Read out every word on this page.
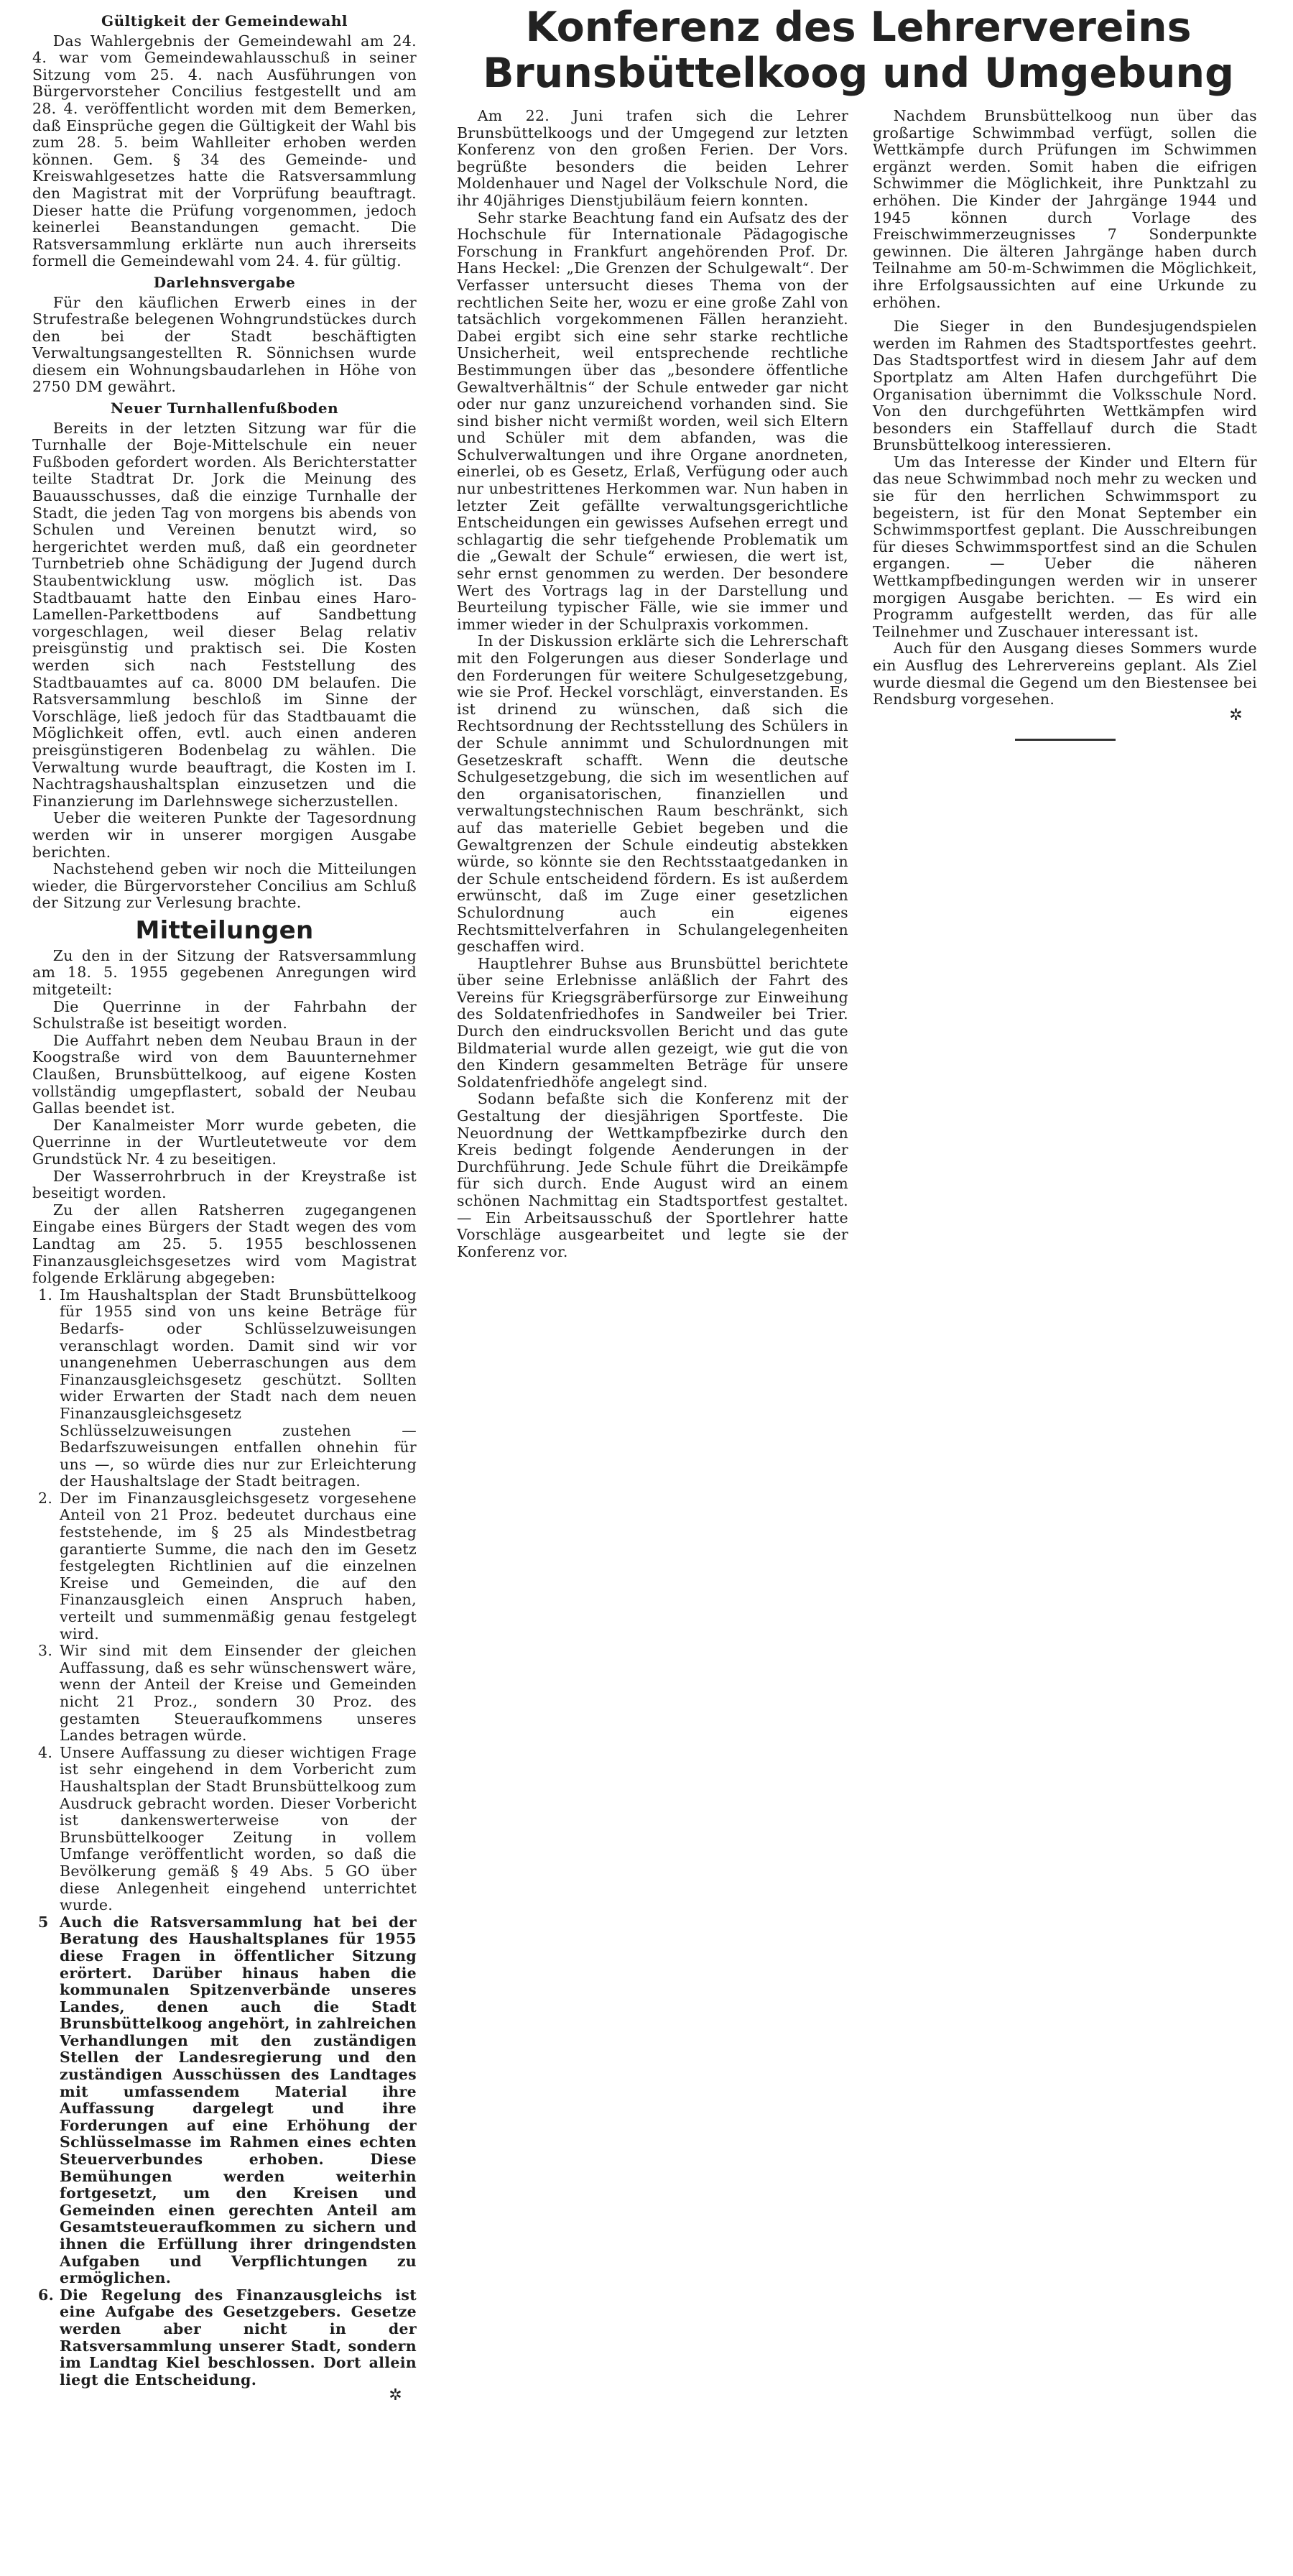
Konferenz des Lehrervereins
Brunsbüttelkoog und Umgebung
Gültigkeit der Gemeindewahl

Das Wahlergebnis der Gemeindewahl am 24. 4. war vom Gemeindewahlausschuß in seiner Sitzung vom 25. 4. nach Ausführungen von Bürgervorsteher Concilius festgestellt und am 28. 4. veröffentlicht worden mit dem Bemerken, daß Einsprüche gegen die Gültigkeit der Wahl bis zum 28. 5. beim Wahlleiter erhoben werden können. Gem. § 34 des Gemeinde- und Kreiswahlgesetzes hatte die Ratsversammlung den Magistrat mit der Vorprüfung beauftragt. Dieser hatte die Prüfung vorgenommen, jedoch keinerlei Beanstandungen gemacht. Die Ratsversammlung erklärte nun auch ihrerseits formell die Gemeindewahl vom 24. 4. für gültig.

Darlehnsvergabe

Für den käuflichen Erwerb eines in der Strufestraße belegenen Wohngrundstückes durch den bei der Stadt beschäftigten Verwaltungsangestellten R. Sönnichsen wurde diesem ein Wohnungsbaudarlehen in Höhe von 2750 DM gewährt.

Neuer Turnhallenfußboden

Bereits in der letzten Sitzung war für die Turnhalle der Boje-Mittelschule ein neuer Fußboden gefordert worden. Als Berichterstatter teilte Stadtrat Dr. Jork die Meinung des Bauausschusses, daß die einzige Turnhalle der Stadt, die jeden Tag von morgens bis abends von Schulen und Vereinen benutzt wird, so hergerichtet werden muß, daß ein geordneter Turnbetrieb ohne Schädigung der Jugend durch Staubentwicklung usw. möglich ist. Das Stadtbauamt hatte den Einbau eines Haro-Lamellen-Parkettbodens auf Sandbettung vorgeschlagen, weil dieser Belag relativ preisgünstig und praktisch sei. Die Kosten werden sich nach Feststellung des Stadtbauamtes auf ca. 8000 DM belaufen. Die Ratsversammlung beschloß im Sinne der Vorschläge, ließ jedoch für das Stadtbauamt die Möglichkeit offen, evtl. auch einen anderen preisgünstigeren Bodenbelag zu wählen. Die Verwaltung wurde beauftragt, die Kosten im I. Nachtragshaushaltsplan einzusetzen und die Finanzierung im Darlehnswege sicherzustellen.

Ueber die weiteren Punkte der Tagesordnung werden wir in unserer morgigen Ausgabe berichten.

Nachstehend geben wir noch die Mitteilungen wieder, die Bürgervorsteher Concilius am Schluß der Sitzung zur Verlesung brachte.

Mitteilungen

Zu den in der Sitzung der Ratsversammlung am 18. 5. 1955 gegebenen Anregungen wird mitgeteilt:

Die Querrinne in der Fahrbahn der Schulstraße ist beseitigt worden.

Die Auffahrt neben dem Neubau Braun in der Koogstraße wird von dem Bauunternehmer Claußen, Brunsbüttelkoog, auf eigene Kosten vollständig umgepflastert, sobald der Neubau Gallas beendet ist.

Der Kanalmeister Morr wurde gebeten, die Querrinne in der Wurtleutetweute vor dem Grundstück Nr. 4 zu beseitigen.

Der Wasserrohrbruch in der Kreystraße ist beseitigt worden.

Zu der allen Ratsherren zugegangenen Eingabe eines Bürgers der Stadt wegen des vom Landtag am 25. 5. 1955 beschlossenen Finanzausgleichsgesetzes wird vom Magistrat folgende Erklärung abgegeben:

1. Im Haushaltsplan der Stadt Brunsbüttelkoog für 1955 sind von uns keine Beträge für Bedarfs- oder Schlüsselzuweisungen veranschlagt worden. Damit sind wir vor unangenehmen Ueberraschungen aus dem Finanzausgleichsgesetz geschützt. Sollten wider Erwarten der Stadt nach dem neuen Finanzausgleichsgesetz Schlüsselzuweisungen zustehen — Bedarfszuweisungen entfallen ohnehin für uns —, so würde dies nur zur Erleichterung der Haushaltslage der Stadt beitragen.
2. Der im Finanzausgleichsgesetz vorgesehene Anteil von 21 Proz. bedeutet durchaus eine feststehende, im § 25 als Mindestbetrag garantierte Summe, die nach den im Gesetz festgelegten Richtlinien auf die einzelnen Kreise und Gemeinden, die auf den Finanzausgleich einen Anspruch haben, verteilt und summenmäßig genau festgelegt wird.
3. Wir sind mit dem Einsender der gleichen Auffassung, daß es sehr wünschenswert wäre, wenn der Anteil der Kreise und Gemeinden nicht 21 Proz., sondern 30 Proz. des gestamten Steueraufkommens unseres Landes betragen würde.
4. Unsere Auffassung zu dieser wichtigen Frage ist sehr eingehend in dem Vorbericht zum Haushaltsplan der Stadt Brunsbüttelkoog zum Ausdruck gebracht worden. Dieser Vorbericht ist dankenswerterweise von der Brunsbüttelkooger Zeitung in vollem Umfange veröffentlicht worden, so daß die Bevölkerung gemäß § 49 Abs. 5 GO über diese Anlegenheit eingehend unterrichtet wurde.
5 Auch die Ratsversammlung hat bei der Beratung des Haushaltsplanes für 1955 diese Fragen in öffentlicher Sitzung erörtert. Darüber hinaus haben die kommunalen Spitzenverbände unseres Landes, denen auch die Stadt Brunsbüttelkoog angehört, in zahlreichen Verhandlungen mit den zuständigen Stellen der Landesregierung und den zuständigen Ausschüssen des Landtages mit umfassendem Material ihre Auffassung dargelegt und ihre Forderungen auf eine Erhöhung der Schlüsselmasse im Rahmen eines echten Steuerverbundes erhoben. Diese Bemühungen werden weiterhin fortgesetzt, um den Kreisen und Gemeinden einen gerechten Anteil am Gesamtsteueraufkommen zu sichern und ihnen die Erfüllung ihrer dringendsten Aufgaben und Verpflichtungen zu ermöglichen.
6. Die Regelung des Finanzausgleichs ist eine Aufgabe des Gesetzgebers. Gesetze werden aber nicht in der Ratsversammlung unserer Stadt, sondern im Landtag Kiel beschlossen. Dort allein liegt die Entscheidung.
✲

Am 22. Juni trafen sich die Lehrer Brunsbüttelkoogs und der Umgegend zur letzten Konferenz von den großen Ferien. Der Vors. begrüßte besonders die beiden Lehrer Moldenhauer und Nagel der Volkschule Nord, die ihr 40jähriges Dienstjubiläum feiern konnten.

Sehr starke Beachtung fand ein Aufsatz des der Hochschule für Internationale Pädagogische Forschung in Frankfurt angehörenden Prof. Dr. Hans Heckel: „Die Grenzen der Schulgewalt“. Der Verfasser untersucht dieses Thema von der rechtlichen Seite her, wozu er eine große Zahl von tatsächlich vorgekommenen Fällen heranzieht. Dabei ergibt sich eine sehr starke rechtliche Unsicherheit, weil entsprechende rechtliche Bestimmungen über das „besondere öffentliche Gewaltverhältnis“ der Schule entweder gar nicht oder nur ganz unzureichend vorhanden sind. Sie sind bisher nicht vermißt worden, weil sich Eltern und Schüler mit dem abfanden, was die Schulverwaltungen und ihre Organe anordneten, einerlei, ob es Gesetz, Erlaß, Verfügung oder auch nur unbestrittenes Herkommen war. Nun haben in letzter Zeit gefällte verwaltungsgerichtliche Entscheidungen ein gewisses Aufsehen erregt und schlagartig die sehr tiefgehende Problematik um die „Gewalt der Schule“ erwiesen, die wert ist, sehr ernst genommen zu werden. Der besondere Wert des Vortrags lag in der Darstellung und Beurteilung typischer Fälle, wie sie immer und immer wieder in der Schulpraxis vorkommen.

In der Diskussion erklärte sich die Lehrerschaft mit den Folgerungen aus dieser Sonderlage und den Forderungen für weitere Schulgesetzgebung, wie sie Prof. Heckel vorschlägt, einverstanden. Es ist drinend zu wünschen, daß sich die Rechtsordnung der Rechtsstellung des Schülers in der Schule annimmt und Schulordnungen mit Gesetzeskraft schafft. Wenn die deutsche Schulgesetzgebung, die sich im wesentlichen auf den organisatorischen, finanziellen und verwaltungstechnischen Raum beschränkt, sich auf das materielle Gebiet begeben und die Gewaltgrenzen der Schule eindeutig abstekken würde, so könnte sie den Rechtsstaatgedanken in der Schule entscheidend fördern. Es ist außerdem erwünscht, daß im Zuge einer gesetzlichen Schulordnung auch ein eigenes Rechtsmittelverfahren in Schulangelegenheiten geschaffen wird.

Hauptlehrer Buhse aus Brunsbüttel berichtete über seine Erlebnisse anläßlich der Fahrt des Vereins für Kriegsgräberfürsorge zur Einweihung des Soldatenfriedhofes in Sandweiler bei Trier. Durch den eindrucksvollen Bericht und das gute Bildmaterial wurde allen gezeigt, wie gut die von den Kindern gesammelten Beträge für unsere Soldatenfriedhöfe angelegt sind.

Sodann befaßte sich die Konferenz mit der Gestaltung der diesjährigen Sportfeste. Die Neuordnung der Wettkampfbezirke durch den Kreis bedingt folgende Aenderungen in der Durchführung. Jede Schule führt die Dreikämpfe für sich durch. Ende August wird an einem schönen Nachmittag ein Stadtsportfest gestaltet. — Ein Arbeitsausschuß der Sportlehrer hatte Vorschläge ausgearbeitet und legte sie der Konferenz vor.

Nachdem Brunsbüttelkoog nun über das großartige Schwimmbad verfügt, sollen die Wettkämpfe durch Prüfungen im Schwimmen ergänzt werden. Somit haben die eifrigen Schwimmer die Möglichkeit, ihre Punktzahl zu erhöhen. Die Kinder der Jahrgänge 1944 und 1945 können durch Vorlage des Freischwimmerzeugnisses 7 Sonderpunkte gewinnen. Die älteren Jahrgänge haben durch Teilnahme am 50-m-Schwimmen die Möglichkeit, ihre Erfolgsaussichten auf eine Urkunde zu erhöhen.

Die Sieger in den Bundesjugendspielen werden im Rahmen des Stadtsportfestes geehrt. Das Stadtsportfest wird in diesem Jahr auf dem Sportplatz am Alten Hafen durchgeführt Die Organisation übernimmt die Volksschule Nord. Von den durchgeführten Wettkämpfen wird besonders ein Staffellauf durch die Stadt Brunsbüttelkoog interessieren.

Um das Interesse der Kinder und Eltern für das neue Schwimmbad noch mehr zu wecken und sie für den herrlichen Schwimmsport zu begeistern, ist für den Monat September ein Schwimmsportfest geplant. Die Ausschreibungen für dieses Schwimmsportfest sind an die Schulen ergangen. — Ueber die näheren Wettkampfbedingungen werden wir in unserer morgigen Ausgabe berichten. — Es wird ein Programm aufgestellt werden, das für alle Teilnehmer und Zuschauer interessant ist.

Auch für den Ausgang dieses Sommers wurde ein Ausflug des Lehrervereins geplant. Als Ziel wurde diesmal die Gegend um den Biestensee bei Rendsburg vorgesehen.

✲
